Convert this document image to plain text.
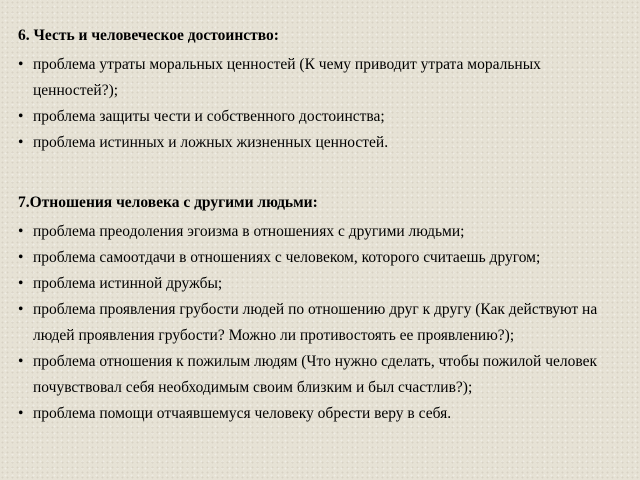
6. Честь и человеческое достоинство:
• проблема утраты моральных ценностей (К чему приводит утрата моральных ценностей?);
• проблема защиты чести и собственного достоинства;
• проблема истинных и ложных жизненных ценностей.
7.Отношения человека с другими людьми:
• проблема преодоления эгоизма в отношениях с другими людьми;
• проблема самоотдачи в отношениях с человеком, которого считаешь другом;
• проблема истинной дружбы;
• проблема проявления грубости людей по отношению друг к другу (Как действуют на людей проявления грубости? Можно ли противостоять ее проявлению?);
• проблема отношения к пожилым людям (Что нужно сделать, чтобы пожилой человек почувствовал себя необходимым своим близким и был счастлив?);
• проблема помощи отчаявшемуся человеку обрести веру в себя.
